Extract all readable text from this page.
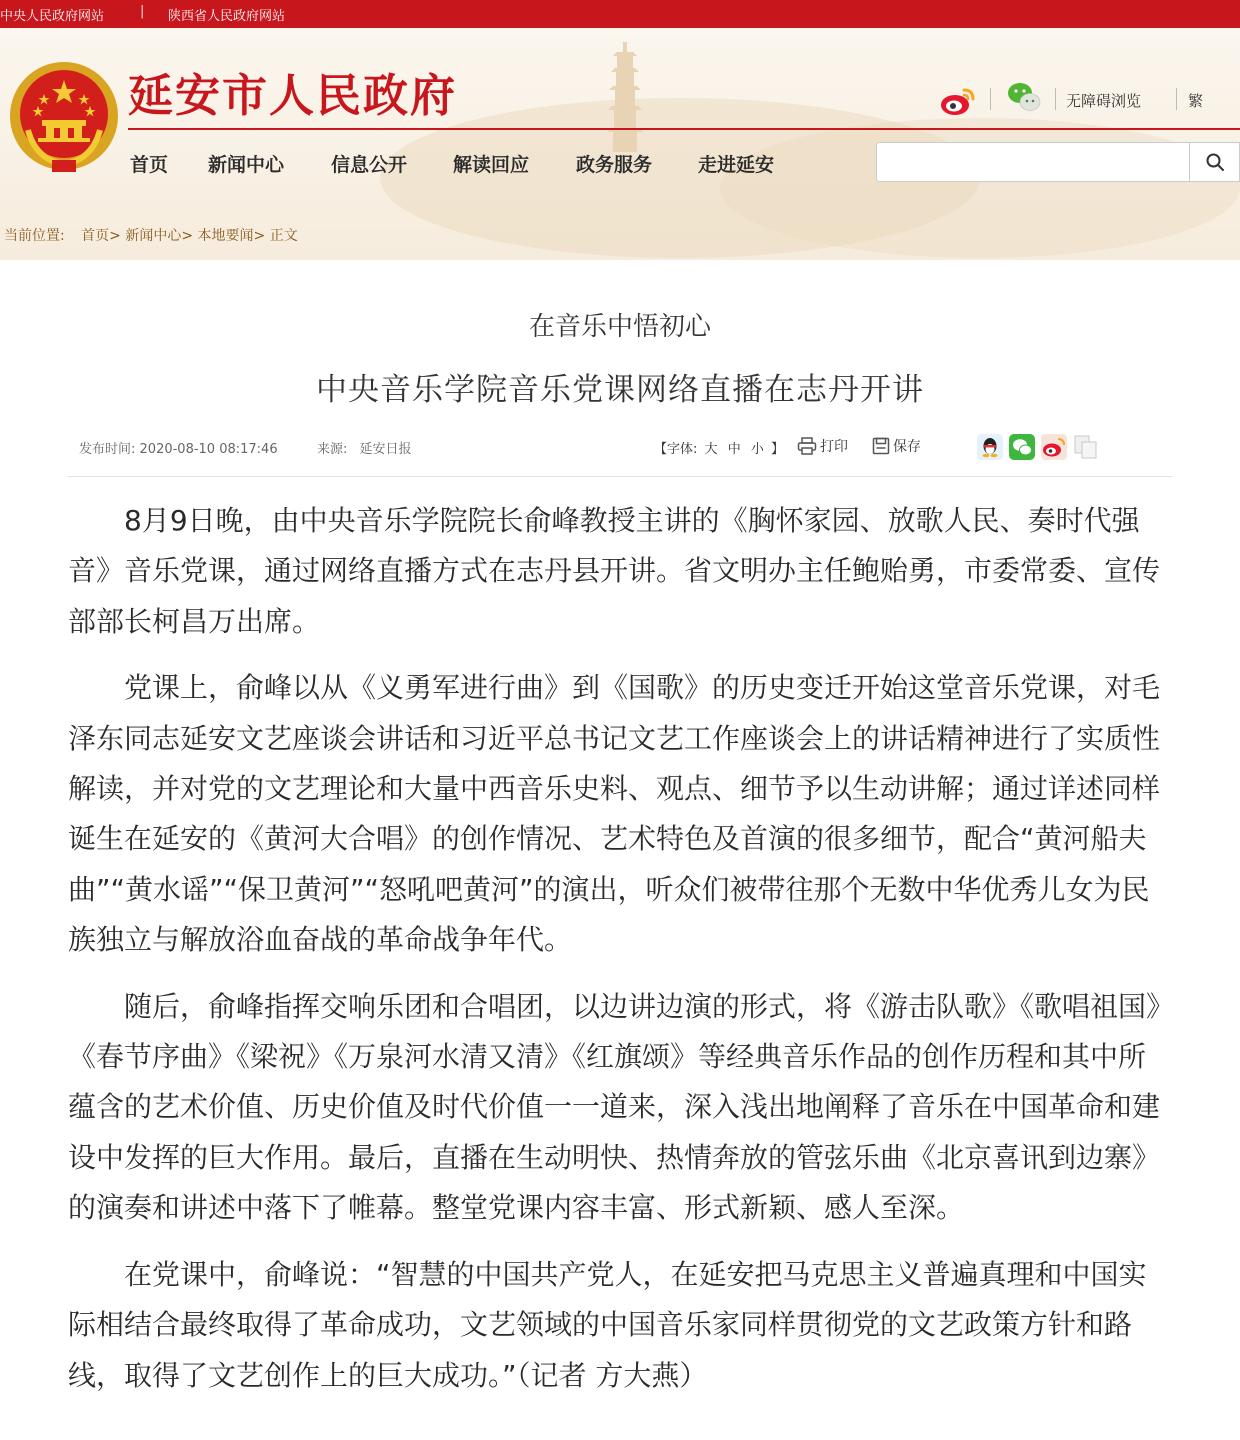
中央人民政府网站	| 陕西省人民政府网站
延安市人民政府	无障碍浏览	繁
首页 新闻中心 信息公开 解读回应 政务服务 走进延安
当前位置: 首页> 新闻中心> 本地要闻> 正文
在音乐中悟初心
中央音乐学院音乐党课网络直播在志丹开讲
发布时间: 2020-08-10 08:17:46	来源: 延安日报	【字体: 大 中 小 】	打印	保存

8月9日晚，由中央音乐学院院长俞峰教授主讲的《胸怀家园、放歌人民、奏时代强音》音乐党课，通过网络直播方式在志丹县开讲。省文明办主任鲍贻勇，市委常委、宣传部部长柯昌万出席。

党课上，俞峰以从《义勇军进行曲》到《国歌》的历史变迁开始这堂音乐党课，对毛泽东同志延安文艺座谈会讲话和习近平总书记文艺工作座谈会上的讲话精神进行了实质性解读，并对党的文艺理论和大量中西音乐史料、观点、细节予以生动讲解；通过详述同样诞生在延安的《黄河大合唱》的创作情况、艺术特色及首演的很多细节，配合“黄河船夫曲”“黄水谣”“保卫黄河”“怒吼吧黄河”的演出，听众们被带往那个无数中华优秀儿女为民族独立与解放浴血奋战的革命战争年代。

随后，俞峰指挥交响乐团和合唱团，以边讲边演的形式，将《游击队歌》《歌唱祖国》《春节序曲》《梁祝》《万泉河水清又清》《红旗颂》等经典音乐作品的创作历程和其中所蕴含的艺术价值、历史价值及时代价值一一道来，深入浅出地阐释了音乐在中国革命和建设中发挥的巨大作用。最后，直播在生动明快、热情奔放的管弦乐曲《北京喜讯到边寨》的演奏和讲述中落下了帷幕。整堂党课内容丰富、形式新颖、感人至深。

在党课中，俞峰说：“智慧的中国共产党人，在延安把马克思主义普遍真理和中国实际相结合最终取得了革命成功，文艺领域的中国音乐家同样贯彻党的文艺政策方针和路线，取得了文艺创作上的巨大成功。”（记者 方大燕）
